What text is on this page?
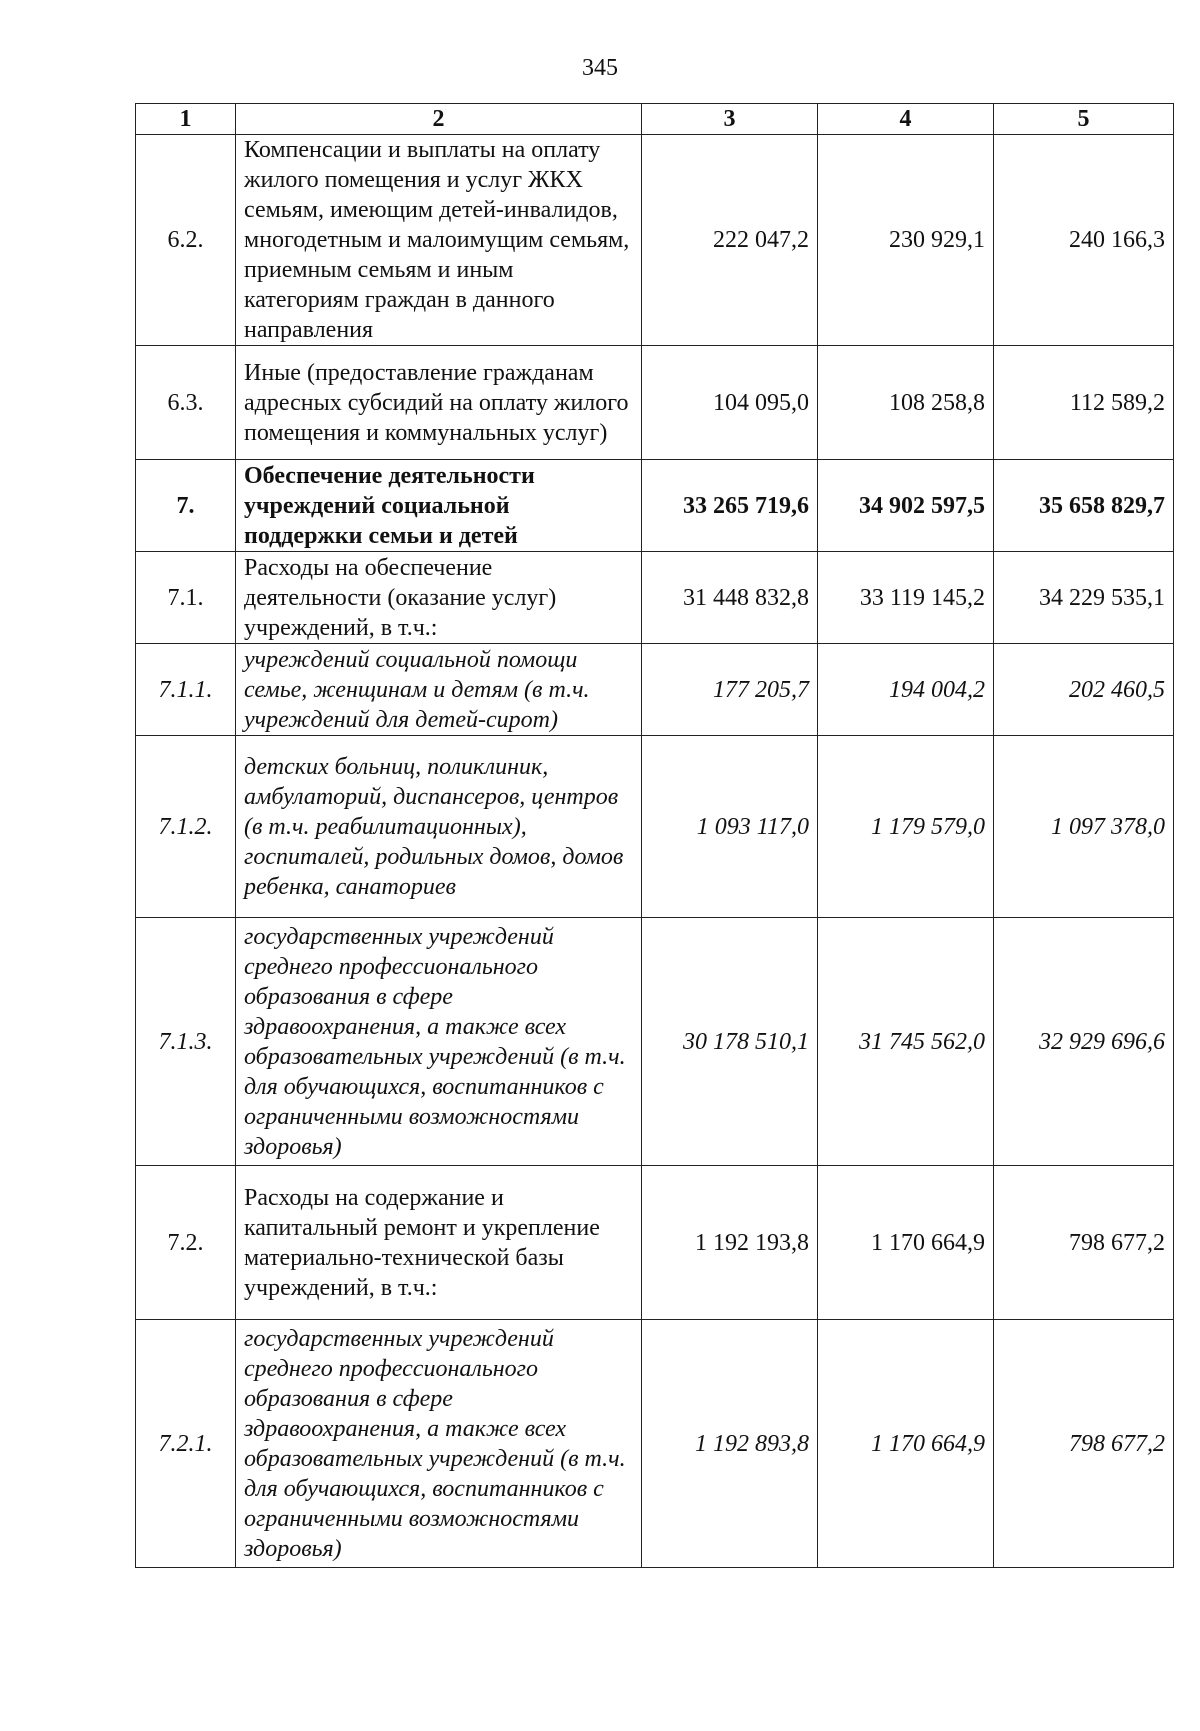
345
1	2	3	4	5
6.2.	Компенсации и выплаты на оплату жилого помещения и услуг ЖКХ семьям, имеющим детей-инвалидов, многодетным и малоимущим семьям, приемным семьям и иным категориям граждан в данного направления	222 047,2	230 929,1	240 166,3
6.3.	Иные (предоставление гражданам адресных субсидий на оплату жилого помещения и коммунальных услуг)	104 095,0	108 258,8	112 589,2
7.	Обеспечение деятельности учреждений социальной поддержки семьи и детей	33 265 719,6	34 902 597,5	35 658 829,7
7.1.	Расходы на обеспечение деятельности (оказание услуг) учреждений, в т.ч.:	31 448 832,8	33 119 145,2	34 229 535,1
7.1.1.	учреждений социальной помощи семье, женщинам и детям (в т.ч. учреждений для детей-сирот)	177 205,7	194 004,2	202 460,5
7.1.2.	детских больниц, поликлиник, амбулаторий, диспансеров, центров (в т.ч. реабилитационных), госпиталей, родильных домов, домов ребенка, санаториев	1 093 117,0	1 179 579,0	1 097 378,0
7.1.3.	государственных учреждений среднего профессионального образования в сфере здравоохранения, а также всех образовательных учреждений (в т.ч. для обучающихся, воспитанников с ограниченными возможностями здоровья)	30 178 510,1	31 745 562,0	32 929 696,6
7.2.	Расходы на содержание и капитальный ремонт и укрепление материально-технической базы учреждений, в т.ч.:	1 192 193,8	1 170 664,9	798 677,2
7.2.1.	государственных учреждений среднего профессионального образования в сфере здравоохранения, а также всех образовательных учреждений (в т.ч. для обучающихся, воспитанников с ограниченными возможностями здоровья)	1 192 893,8	1 170 664,9	798 677,2
